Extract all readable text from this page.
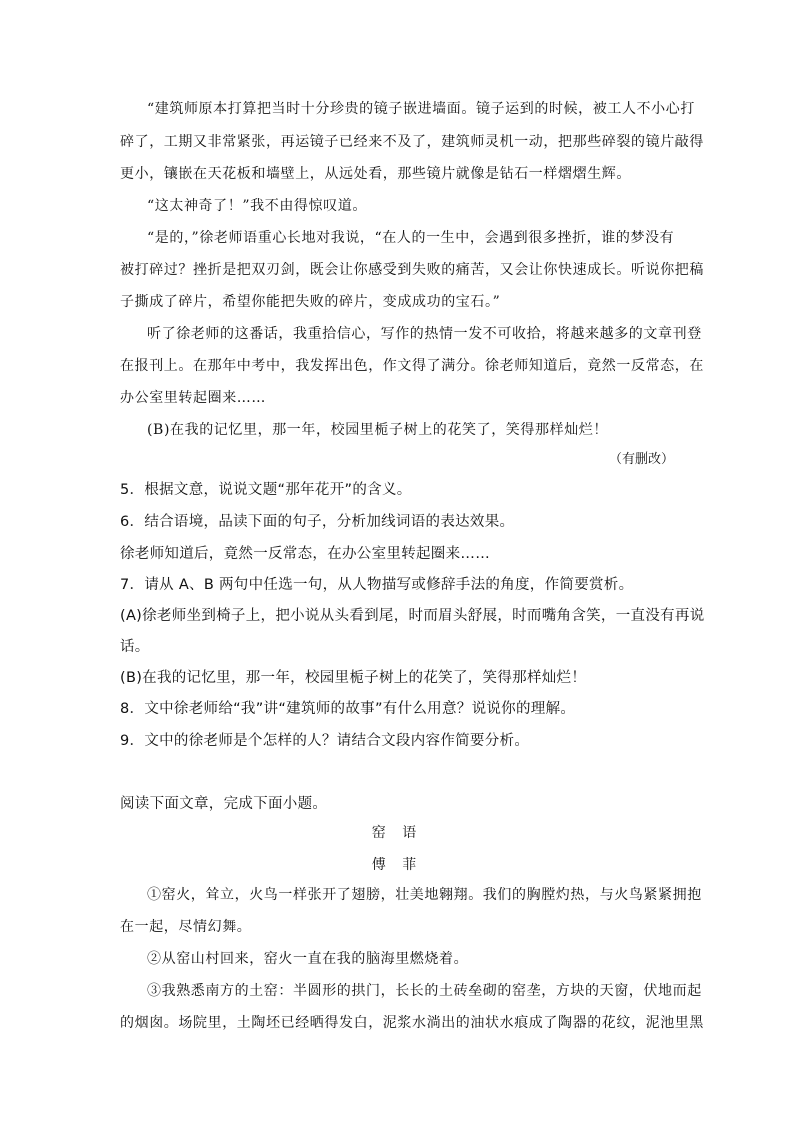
“建筑师原本打算把当时十分珍贵的镜子嵌进墙面。镜子运到的时候，被工人不小心打
碎了，工期又非常紧张，再运镜子已经来不及了，建筑师灵机一动，把那些碎裂的镜片敲得
更小，镶嵌在天花板和墙壁上，从远处看，那些镜片就像是钻石一样熠熠生辉。
“这太神奇了！”我不由得惊叹道。
“是的，”徐老师语重心长地对我说，“在人的一生中，会遇到很多挫折，谁的梦没有
被打碎过？挫折是把双刃剑，既会让你感受到失败的痛苦，又会让你快速成长。听说你把稿
子撕成了碎片，希望你能把失败的碎片，变成成功的宝石。”
听了徐老师的这番话，我重拾信心，写作的热情一发不可收拾，将越来越多的文章刊登
在报刊上。在那年中考中，我发挥出色，作文得了满分。徐老师知道后，竟然一反常态，在
办公室里转起圈来……
(B)在我的记忆里，那一年，校园里栀子树上的花笑了，笑得那样灿烂！
（有删改）
5．根据文意，说说文题“那年花开”的含义。
6．结合语境，品读下面的句子，分析加线词语的表达效果。
徐老师知道后，竟然一反常态，在办公室里转起圈来……
7．请从 A、B 两句中任选一句，从人物描写或修辞手法的角度，作简要赏析。
(A)徐老师坐到椅子上，把小说从头看到尾，时而眉头舒展，时而嘴角含笑，一直没有再说
话。
(B)在我的记忆里，那一年，校园里栀子树上的花笑了，笑得那样灿烂！
8．文中徐老师给“我”讲“建筑师的故事”有什么用意？说说你的理解。
9．文中的徐老师是个怎样的人？请结合文段内容作简要分析。
阅读下面文章，完成下面小题。
窑 语
傅 菲
①窑火，耸立，火鸟一样张开了翅膀，壮美地翱翔。我们的胸膛灼热，与火鸟紧紧拥抱
在一起，尽情幻舞。
②从窑山村回来，窑火一直在我的脑海里燃烧着。
③我熟悉南方的土窑：半圆形的拱门，长长的土砖垒砌的窑垄，方块的天窗，伏地而起
的烟囱。场院里，土陶坯已经晒得发白，泥浆水淌出的油状水痕成了陶器的花纹，泥池里黑
